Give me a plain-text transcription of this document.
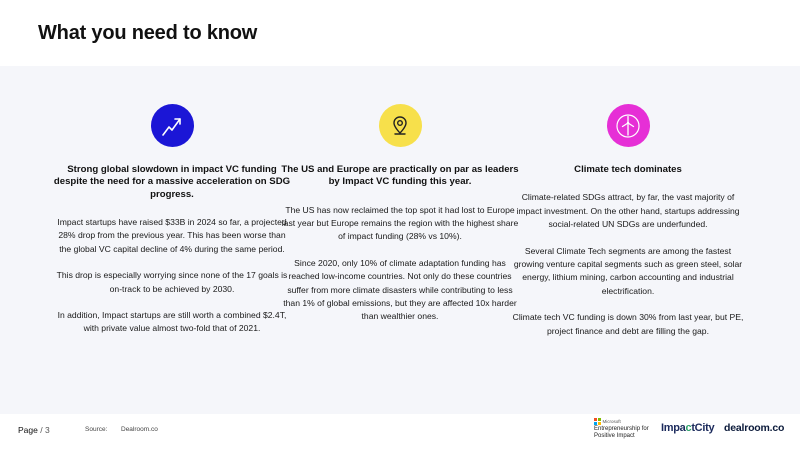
What you need to know
Strong global slowdown in impact VC funding despite the need for a massive acceleration on SDG progress.
Impact startups have raised $33B in 2024 so far, a projected 28% drop from the previous year. This has been worse than the global VC capital decline of 4% during the same period.
This drop is especially worrying since none of the 17 goals is on-track to be achieved by 2030.
In addition, Impact startups are still worth a combined $2.4T, with private value almost two-fold that of 2021.
The US and Europe are practically on par as leaders by Impact VC funding this year.
The US has now reclaimed the top spot it had lost to Europe last year but Europe remains the region with the highest share of impact funding (28% vs 10%).
Since 2020, only 10% of climate adaptation funding has reached low-income countries. Not only do these countries suffer from more climate disasters while contributing to less than 1% of global emissions, but they are affected 10x harder than wealthier ones.
Climate tech dominates
Climate-related SDGs attract, by far, the vast majority of impact investment. On the other hand, startups addressing social-related UN SDGs are underfunded.
Several Climate Tech segments are among the fastest growing venture capital segments such as green steel, solar energy, lithium mining, carbon accounting and industrial electrification.
Climate tech VC funding is down 30% from last year, but PE, project finance and debt are filling the gap.
Page / 3	Source: Dealroom.co
Microsoft
Entrepreneurship for Positive Impact
ImpactCity dealroom.co
